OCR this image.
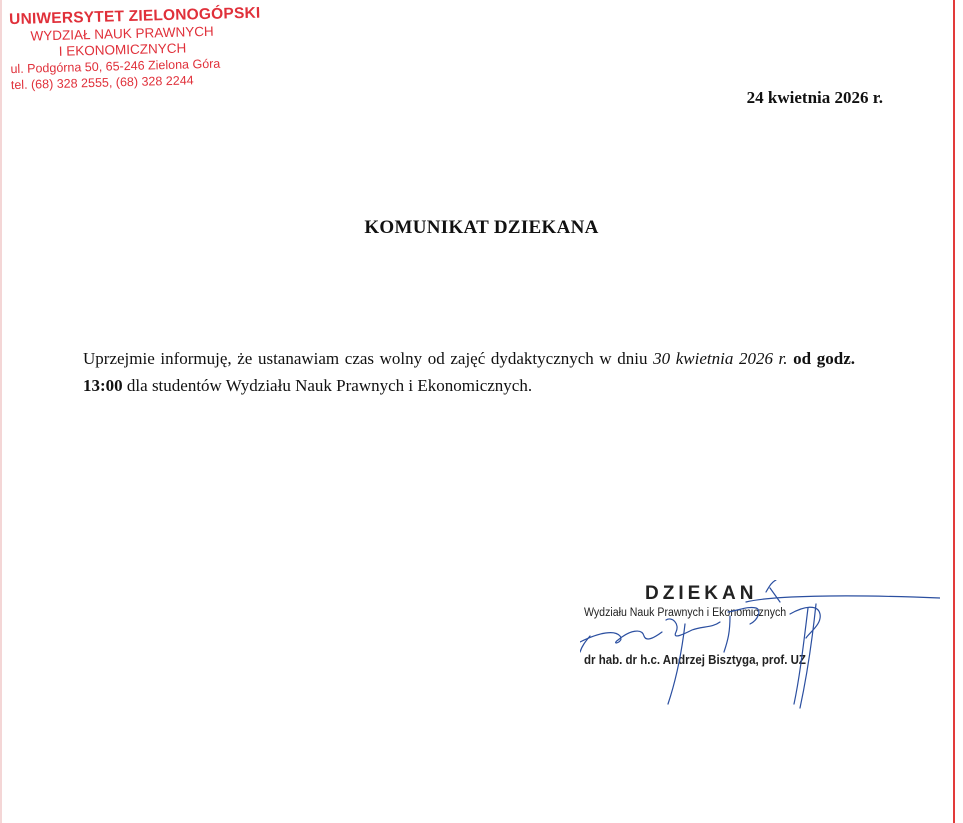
UNIWERSYTET ZIELONOGÓPSKI
WYDZIAŁ NAUK PRAWNYCH
I EKONOMICZNYCH
ul. Podgórna 50, 65-246 Zielona Góra
tel. (68) 328 2555, (68) 328 2244
24 kwietnia 2026 r.
KOMUNIKAT DZIEKANA

Uprzejmie informuję, że ustanawiam czas wolny od zajęć dydaktycznych w dniu 30 kwietnia 2026 r. od godz. 13:00 dla studentów Wydziału Nauk Prawnych i Ekonomicznych.

DZIEKAN
Wydziału Nauk Prawnych i Ekonomicznych
dr hab. dr h.c. Andrzej Bisztyga, prof. UZ
